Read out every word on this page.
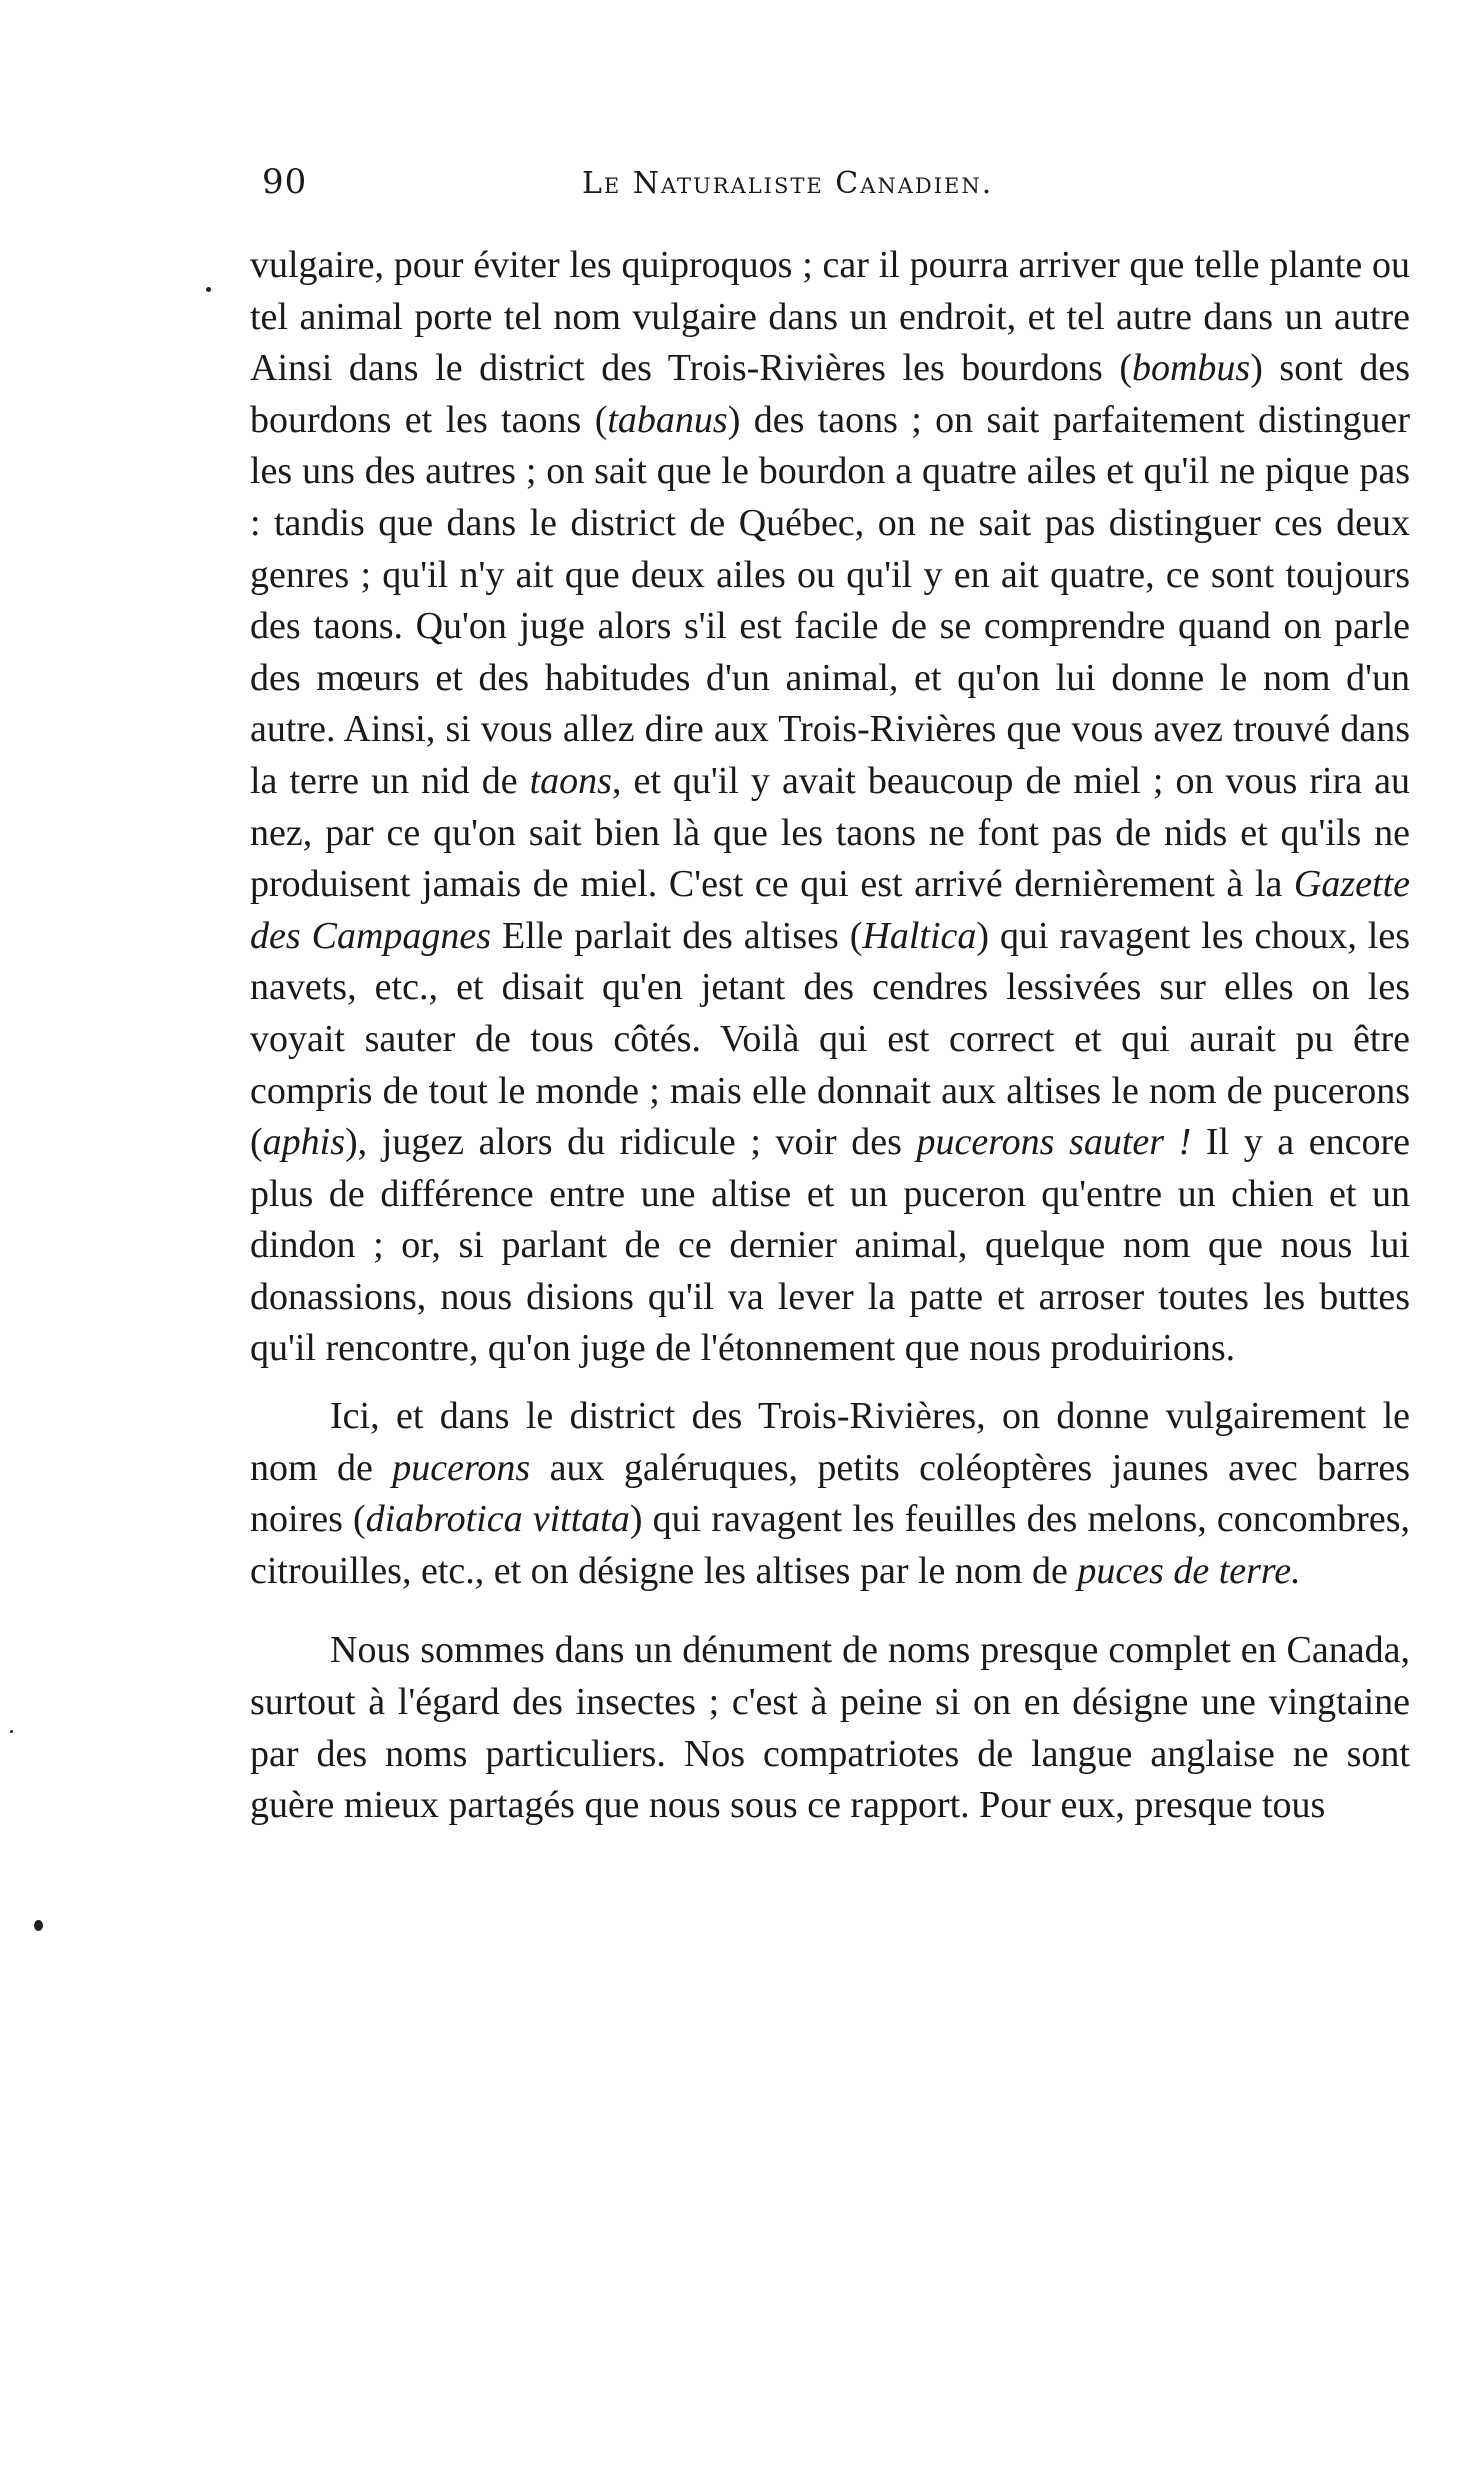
90	Le Naturaliste Canadien.

vulgaire, pour éviter les quiproquos ; car il pourra arriver que telle plante ou tel animal porte tel nom vulgaire dans un endroit, et tel autre dans un autre Ainsi dans le district des Trois-Rivières les bourdons (bombus) sont des bourdons et les taons (tabanus) des taons ; on sait parfaitement distinguer les uns des autres ; on sait que le bourdon a quatre ailes et qu'il ne pique pas : tandis que dans le district de Québec, on ne sait pas distinguer ces deux genres ; qu'il n'y ait que deux ailes ou qu'il y en ait quatre, ce sont toujours des taons. Qu'on juge alors s'il est facile de se comprendre quand on parle des mœurs et des habitudes d'un animal, et qu'on lui donne le nom d'un autre. Ainsi, si vous allez dire aux Trois-Rivières que vous avez trouvé dans la terre un nid de taons, et qu'il y avait beaucoup de miel ; on vous rira au nez, par ce qu'on sait bien là que les taons ne font pas de nids et qu'ils ne produisent jamais de miel. C'est ce qui est arrivé dernièrement à la Gazette des Campagnes Elle parlait des altises (Haltica) qui ravagent les choux, les navets, etc., et disait qu'en jetant des cendres lessivées sur elles on les voyait sauter de tous côtés. Voilà qui est correct et qui aurait pu être compris de tout le monde ; mais elle donnait aux altises le nom de pucerons (aphis), jugez alors du ridicule ; voir des pucerons sauter ! Il y a encore plus de différence entre une altise et un puceron qu'entre un chien et un dindon ; or, si parlant de ce dernier animal, quelque nom que nous lui donassions, nous disions qu'il va lever la patte et arroser toutes les buttes qu'il rencontre, qu'on juge de l'étonnement que nous produirions.

Ici, et dans le district des Trois-Rivières, on donne vulgairement le nom de pucerons aux galéruques, petits coléoptères jaunes avec barres noires (diabrotica vittata) qui ravagent les feuilles des melons, concombres, citrouilles, etc., et on désigne les altises par le nom de puces de terre.

Nous sommes dans un dénument de noms presque complet en Canada, surtout à l'égard des insectes ; c'est à peine si on en désigne une vingtaine par des noms particuliers. Nos compatriotes de langue anglaise ne sont guère mieux partagés que nous sous ce rapport. Pour eux, presque tous
